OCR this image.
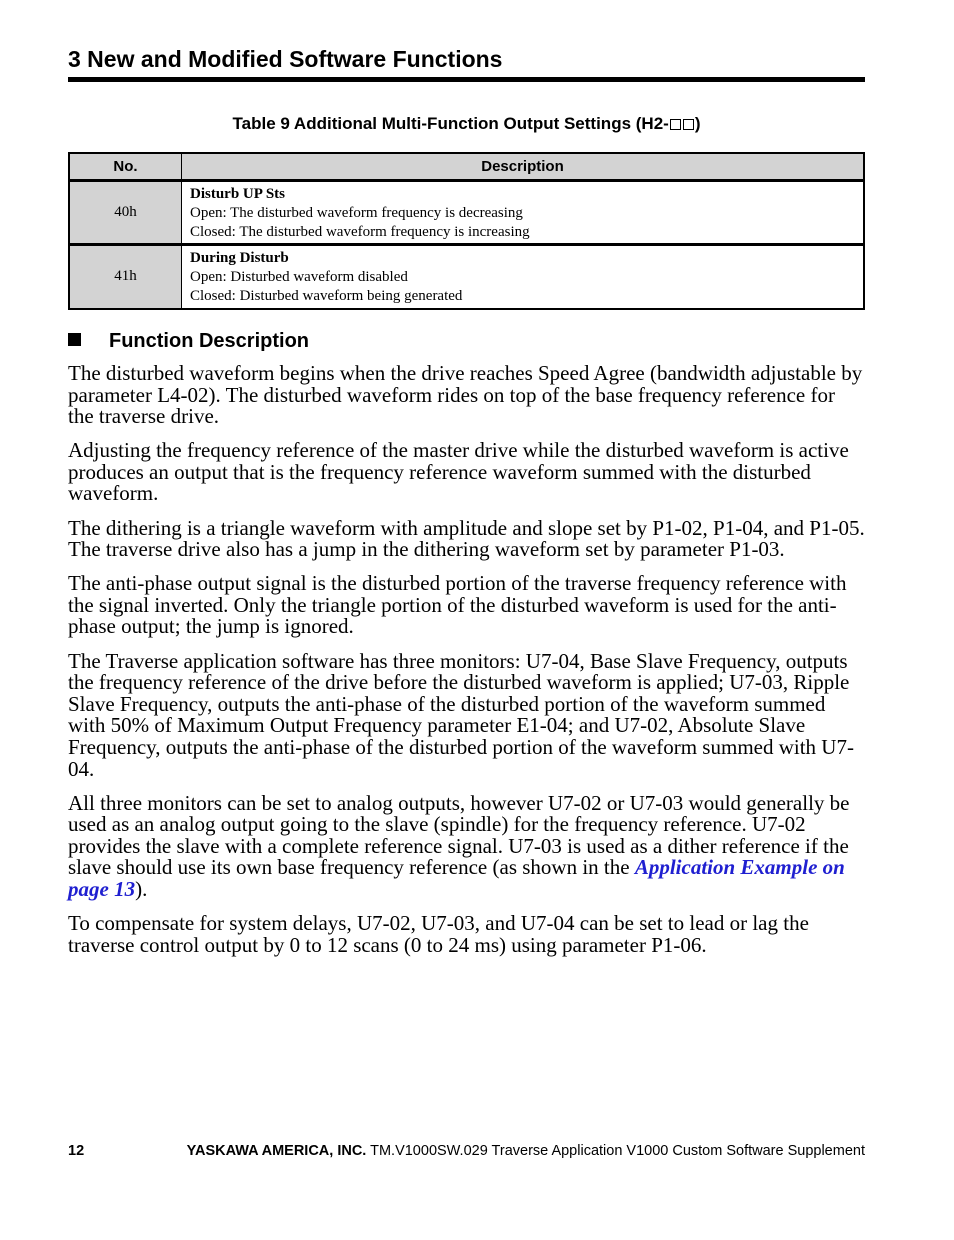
3 New and Modified Software Functions
Table 9 Additional Multi-Function Output Settings (H2- )
No.	Description
40h	Disturb UP Sts
Open: The disturbed waveform frequency is decreasing
Closed: The disturbed waveform frequency is increasing

41h	During Disturb
Open: Disturbed waveform disabled
Closed: Disturbed waveform being generated
Function Description

The disturbed waveform begins when the drive reaches Speed Agree (bandwidth adjustable by parameter L4-02). The disturbed waveform rides on top of the base frequency reference for the traverse drive.

Adjusting the frequency reference of the master drive while the disturbed waveform is active produces an output that is the frequency reference waveform summed with the disturbed waveform.

The dithering is a triangle waveform with amplitude and slope set by P1-02, P1-04, and P1-05. The traverse drive also has a jump in the dithering waveform set by parameter P1-03.

The anti-phase output signal is the disturbed portion of the traverse frequency reference with the signal inverted. Only the triangle portion of the disturbed waveform is used for the anti-phase output; the jump is ignored.

The Traverse application software has three monitors: U7-04, Base Slave Frequency, outputs the frequency reference of the drive before the disturbed waveform is applied; U7-03, Ripple Slave Frequency, outputs the anti-phase of the disturbed portion of the waveform summed with 50% of Maximum Output Frequency parameter E1-04; and U7-02, Absolute Slave Frequency, outputs the anti-phase of the disturbed portion of the waveform summed with U7-04.

All three monitors can be set to analog outputs, however U7-02 or U7-03 would generally be used as an analog output going to the slave (spindle) for the frequency reference. U7-02 provides the slave with a complete reference signal. U7-03 is used as a dither reference if the slave should use its own base frequency reference (as shown in the Application Example on page 13).

To compensate for system delays, U7-02, U7-03, and U7-04 can be set to lead or lag the traverse control output by 0 to 12 scans (0 to 24 ms) using parameter P1-06.

12	YASKAWA AMERICA, INC. TM.V1000SW.029 Traverse Application V1000 Custom Software Supplement
